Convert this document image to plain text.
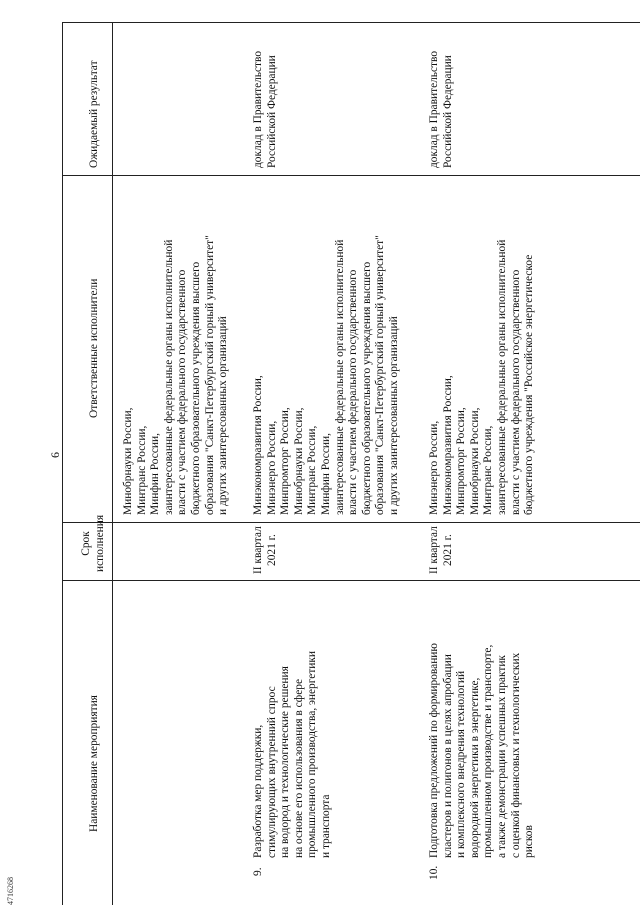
6
4716268
Ожидаемый результат
Ответственные исполнители
Срок исполнения
Наименование мероприятия
Минобрнауки России, Минтранс России, Минфин России, заинтересованные федеральные органы исполнительной власти с участием федерального государственного бюджетного образовательного учреждения высшего образования "Санкт-Петербургский горный университет" и других заинтересованных организаций
9.
Разработка мер поддержки, стимулирующих внутренний спрос на водород и технологические решения на основе его использования в сфере промышленного производства, энергетики и транспорта
II квартал 2021 г.
Минэкономразвития России, Минэнерго России, Минпромторг России, Минобрнауки России, Минтранс России, Минфин России, заинтересованные федеральные органы исполнительной власти с участием федерального государственного бюджетного образовательного учреждения высшего образования "Санкт-Петербургский горный университет" и других заинтересованных организаций
доклад в Правительство Российской Федерации
10.
Подготовка предложений по формированию кластеров и полигонов в целях апробации и комплексного внедрения технологий водородной энергетики в энергетике, промышленном производстве и транспорте, а также демонстрации успешных практик с оценкой финансовых и технологических рисков
II квартал 2021 г.
Минэнерго России, Минэкономразвития России, Минпромторг России, Минобрнауки России, Минтранс России, заинтересованные федеральные органы исполнительной власти с участием федерального государственного бюджетного учреждения "Российское энергетическое
доклад в Правительство Российской Федерации
